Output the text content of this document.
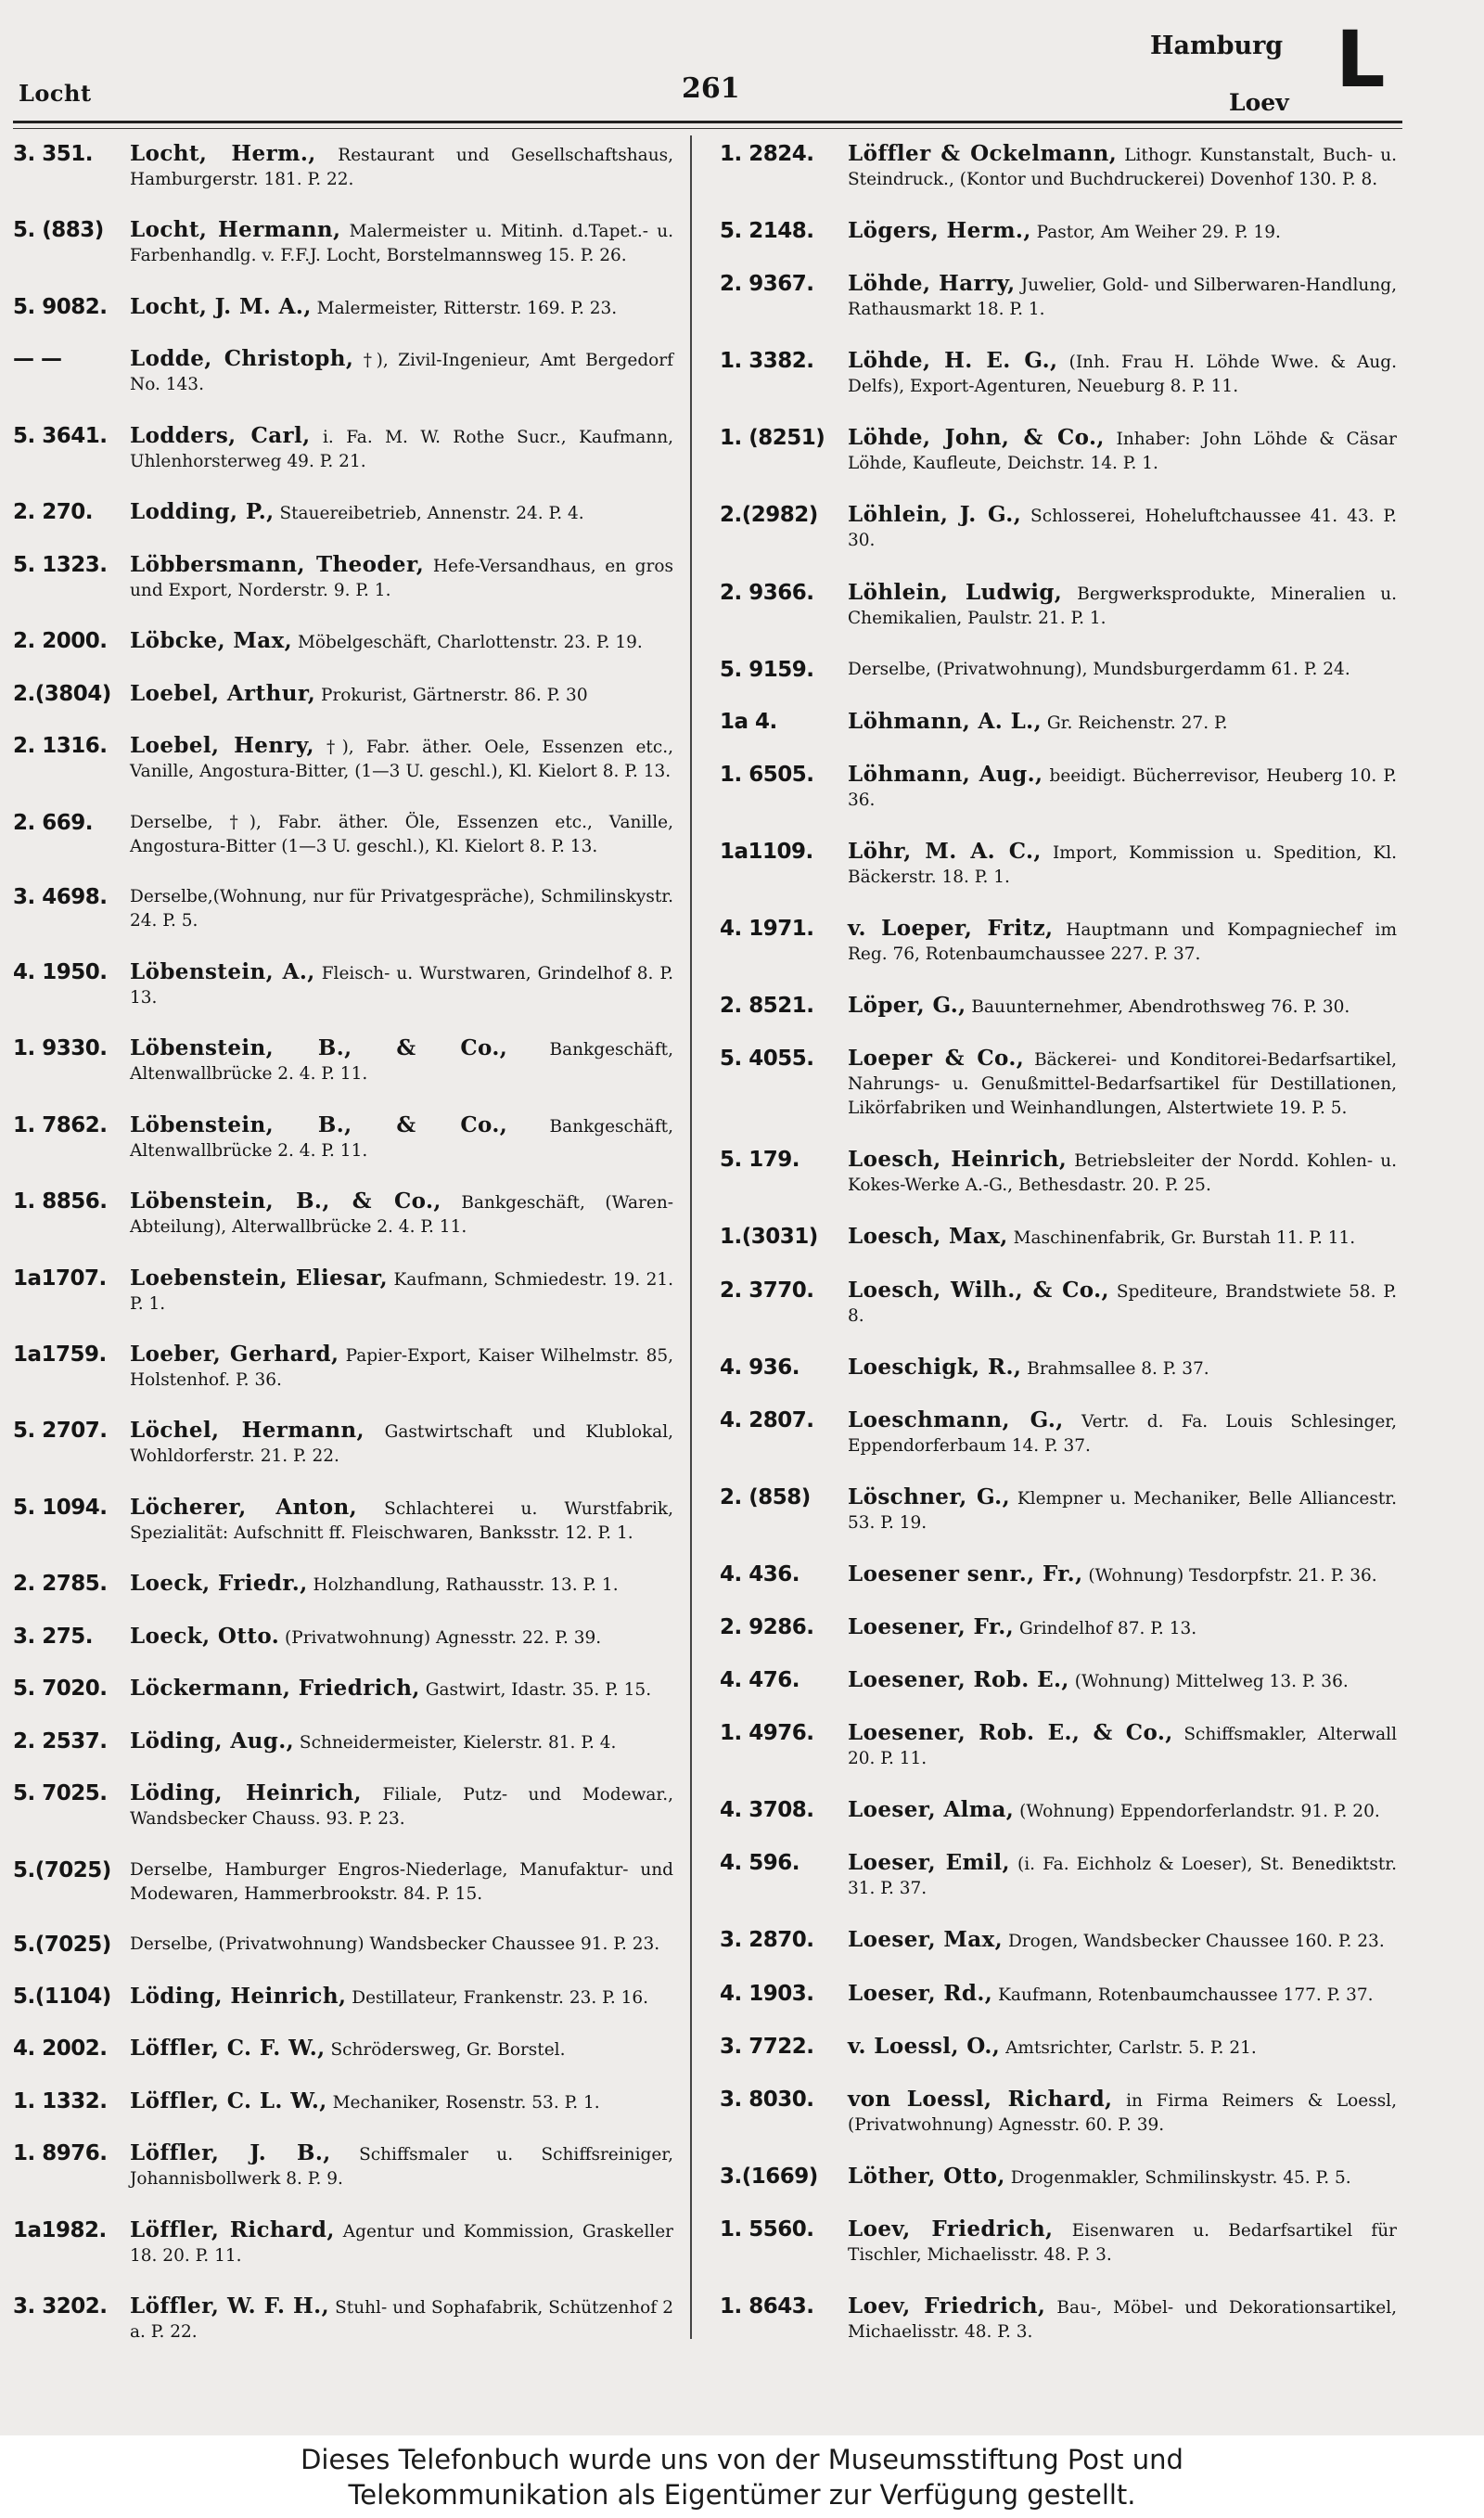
Locht	261
Hamburg
Loev L
3. 351.	Locht, Herm., Restaurant und Gesellschaftshaus, Hamburgerstr. 181. P. 22.
5. (883)	Locht, Hermann, Malermeister u. Mitinh. d.Tapet.- u. Farbenhandlg. v. F.F.J. Locht, Borstelmannsweg 15. P. 26.
5. 9082.	Locht, J. M. A., Malermeister, Ritterstr. 169. P. 23.
— —	Lodde, Christoph, †), Zivil-Ingenieur, Amt Bergedorf No. 143.
5. 3641.	Lodders, Carl, i. Fa. M. W. Rothe Sucr., Kaufmann, Uhlenhorsterweg 49. P. 21.
2. 270.	Lodding, P., Stauereibetrieb, Annenstr. 24. P. 4.
5. 1323.	Löbbersmann, Theoder, Hefe-Versandhaus, en gros und Export, Norderstr. 9. P. 1.
2. 2000.	Löbcke, Max, Möbelgeschäft, Charlottenstr. 23. P. 19.
2.(3804) Loebel, Arthur, Prokurist, Gärtnerstr. 86. P. 30
2. 1316.	Loebel, Henry, †), Fabr. äther. Oele, Essenzen etc., Vanille, Angostura-Bitter, (1—3 U. geschl.), Kl. Kielort 8. P. 13.
2. 669.	Derselbe, †), Fabr. äther. Öle, Essenzen etc., Vanille, Angostura-Bitter (1—3 U. geschl.), Kl. Kielort 8. P. 13.
3. 4698.	Derselbe,(Wohnung, nur für Privatgespräche), Schmilinskystr. 24. P. 5.
4. 1950.	Löbenstein, A., Fleisch- u. Wurstwaren, Grindelhof 8. P. 13.
1. 9330.	Löbenstein, B., & Co., Bankgeschäft, Altenwallbrücke 2. 4. P. 11.
1. 7862.	Löbenstein, B., & Co., Bankgeschäft, Altenwallbrücke 2. 4. P. 11.
1. 8856.	Löbenstein, B., & Co., Bankgeschäft, (Waren-Abteilung), Alterwallbrücke 2. 4. P. 11.
1a1707.	Loebenstein, Eliesar, Kaufmann, Schmiedestr. 19. 21. P. 1.
1a1759.	Loeber, Gerhard, Papier-Export, Kaiser Wilhelmstr. 85, Holstenhof. P. 36.
5. 2707.	Löchel, Hermann, Gastwirtschaft und Klublokal, Wohldorferstr. 21. P. 22.
5. 1094.	Löcherer, Anton, Schlachterei u. Wurstfabrik, Spezialität: Aufschnitt ff. Fleischwaren, Banksstr. 12. P. 1.
2. 2785.	Loeck, Friedr., Holzhandlung, Rathausstr. 13. P. 1.
3. 275.	Loeck, Otto. (Privatwohnung) Agnesstr. 22. P. 39.
5. 7020.	Löckermann, Friedrich, Gastwirt, Idastr. 35. P. 15.
2. 2537.	Löding, Aug., Schneidermeister, Kielerstr. 81. P. 4.
5. 7025.	Löding, Heinrich, Filiale, Putz- und Modewar., Wandsbecker Chauss. 93. P. 23.
5.(7025)	Derselbe, Hamburger Engros-Niederlage, Manufaktur- und Modewaren, Hammerbrookstr. 84. P. 15.
5.(7025)	Derselbe, (Privatwohnung) Wandsbecker Chaussee 91. P. 23.
5.(1104) Löding, Heinrich, Destillateur, Frankenstr. 23. P. 16.
4. 2002.	Löffler, C. F. W., Schrödersweg, Gr. Borstel.
1. 1332.	Löffler, C. L. W., Mechaniker, Rosenstr. 53. P. 1.
1. 8976.	Löffler, J. B., Schiffsmaler u. Schiffsreiniger, Johannisbollwerk 8. P. 9.
1a1982.	Löffler, Richard, Agentur und Kommission, Graskeller 18. 20. P. 11.
3. 3202.	Löffler, W. F. H., Stuhl- und Sophafabrik, Schützenhof 2 a. P. 22.
1. 2824.	Löffler & Ockelmann, Lithogr. Kunstanstalt, Buch- u. Steindruck., (Kontor und Buchdruckerei) Dovenhof 130. P. 8.
5. 2148.	Lögers, Herm., Pastor, Am Weiher 29. P. 19.
2. 9367.	Löhde, Harry, Juwelier, Gold- und Silberwaren-Handlung, Rathausmarkt 18. P. 1.
1. 3382.	Löhde, H. E. G., (Inh. Frau H. Löhde Wwe. & Aug. Delfs), Export-Agenturen, Neueburg 8. P. 11.
1. (8251)	Löhde, John, & Co., Inhaber: John Löhde & Cäsar Löhde, Kaufleute, Deichstr. 14. P. 1.
2.(2982)	Löhlein, J. G., Schlosserei, Hoheluftchaussee 41. 43. P. 30.
2. 9366.	Löhlein, Ludwig, Bergwerksprodukte, Mineralien u. Chemikalien, Paulstr. 21. P. 1.
5. 9159.	Derselbe, (Privatwohnung), Mundsburgerdamm 61. P. 24.
1a 4.	Löhmann, A. L., Gr. Reichenstr. 27. P.
1. 6505.	Löhmann, Aug., beeidigt. Bücherrevisor, Heuberg 10. P. 36.
1a1109.	Löhr, M. A. C., Import, Kommission u. Spedition, Kl. Bäckerstr. 18. P. 1.
4. 1971.	v. Loeper, Fritz, Hauptmann und Kompagniechef im Reg. 76, Rotenbaumchaussee 227. P. 37.
2. 8521.	Löper, G., Bauunternehmer, Abendrothsweg 76. P. 30.
5. 4055.	Loeper & Co., Bäckerei- und Konditorei-Bedarfsartikel, Nahrungs- u. Genußmittel-Bedarfsartikel für Destillationen, Likörfabriken und Weinhandlungen, Alstertwiete 19. P. 5.
5. 179.	Loesch, Heinrich, Betriebsleiter der Nordd. Kohlen- u. Kokes-Werke A.-G., Bethesdastr. 20. P. 25.
1.(3031)	Loesch, Max, Maschinenfabrik, Gr. Burstah 11. P. 11.
2. 3770.	Loesch, Wilh., & Co., Spediteure, Brandstwiete 58. P. 8.
4. 936.	Loeschigk, R., Brahmsallee 8. P. 37.
4. 2807.	Loeschmann, G., Vertr. d. Fa. Louis Schlesinger, Eppendorferbaum 14. P. 37.
2. (858)	Löschner, G., Klempner u. Mechaniker, Belle Alliancestr. 53. P. 19.
4. 436.	Loesener senr., Fr., (Wohnung) Tesdorpfstr. 21. P. 36.
2. 9286.	Loesener, Fr., Grindelhof 87. P. 13.
4. 476.	Loesener, Rob. E., (Wohnung) Mittelweg 13. P. 36.
1. 4976.	Loesener, Rob. E., & Co., Schiffsmakler, Alterwall 20. P. 11.
4. 3708.	Loeser, Alma, (Wohnung) Eppendorferlandstr. 91. P. 20.
4. 596.	Loeser, Emil, (i. Fa. Eichholz & Loeser), St. Benediktstr. 31. P. 37.
3. 2870.	Loeser, Max, Drogen, Wandsbecker Chaussee 160. P. 23.
4. 1903.	Loeser, Rd., Kaufmann, Rotenbaumchaussee 177. P. 37.
3. 7722.	v. Loessl, O., Amtsrichter, Carlstr. 5. P. 21.
3. 8030.	von Loessl, Richard, in Firma Reimers & Loessl, (Privatwohnung) Agnesstr. 60. P. 39.
3.(1669)	Löther, Otto, Drogenmakler, Schmilinskystr. 45. P. 5.
1. 5560.	Loev, Friedrich, Eisenwaren u. Bedarfsartikel für Tischler, Michaelisstr. 48. P. 3.
1. 8643.	Loev, Friedrich, Bau-, Möbel- und Dekorationsartikel, Michaelisstr. 48. P. 3.
Dieses Telefonbuch wurde uns von der Museumsstiftung Post und
Telekommunikation als Eigentümer zur Verfügung gestellt.
